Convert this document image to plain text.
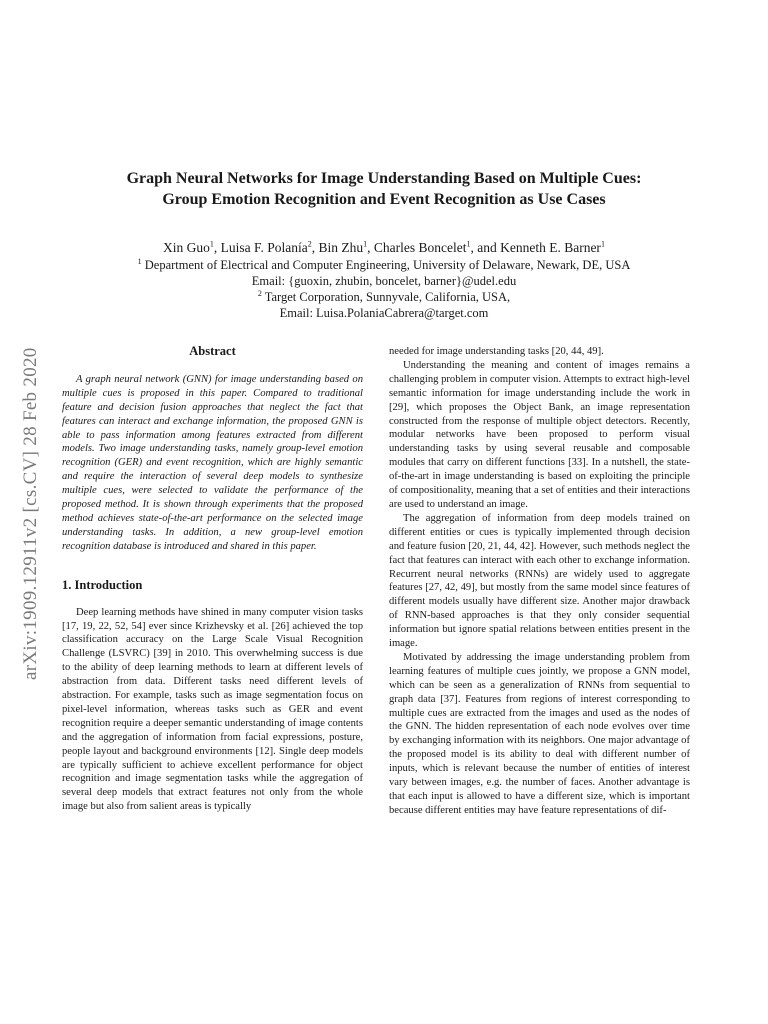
arXiv:1909.12911v2 [cs.CV] 28 Feb 2020
Graph Neural Networks for Image Understanding Based on Multiple Cues:
Group Emotion Recognition and Event Recognition as Use Cases
Xin Guo$^1$, Luisa F. Polanía$^2$, Bin Zhu$^1$, Charles Boncelet$^1$, and Kenneth E. Barner$^1$
$^1$ Department of Electrical and Computer Engineering, University of Delaware, Newark, DE, USA
Email: {guoxin, zhubin, boncelet, barner}@udel.edu
$^2$ Target Corporation, Sunnyvale, California, USA,
Email: Luisa.PolaniaCabrera@target.com
Abstract

A graph neural network (GNN) for image understanding based on multiple cues is proposed in this paper. Compared to traditional feature and decision fusion approaches that neglect the fact that features can interact and exchange information, the proposed GNN is able to pass information among features extracted from different models. Two image understanding tasks, namely group-level emotion recognition (GER) and event recognition, which are highly semantic and require the interaction of several deep models to synthesize multiple cues, were selected to validate the performance of the proposed method. It is shown through experiments that the proposed method achieves state-of-the-art performance on the selected image understanding tasks. In addition, a new group-level emotion recognition database is introduced and shared in this paper.

1. Introduction

Deep learning methods have shined in many computer vision tasks [17, 19, 22, 52, 54] ever since Krizhevsky et al. [26] achieved the top classification accuracy on the Large Scale Visual Recognition Challenge (LSVRC) [39] in 2010. This overwhelming success is due to the ability of deep learning methods to learn at different levels of abstraction from data. Different tasks need different levels of abstraction. For example, tasks such as image segmentation focus on pixel-level information, whereas tasks such as GER and event recognition require a deeper semantic understanding of image contents and the aggregation of information from facial expressions, posture, people layout and background environments [12]. Single deep models are typically sufficient to achieve excellent performance for object recognition and image segmentation tasks while the aggregation of several deep models that extract features not only from the whole image but also from salient areas is typically

needed for image understanding tasks [20, 44, 49].

Understanding the meaning and content of images remains a challenging problem in computer vision. Attempts to extract high-level semantic information for image understanding include the work in [29], which proposes the Object Bank, an image representation constructed from the response of multiple object detectors. Recently, modular networks have been proposed to perform visual understanding tasks by using several reusable and composable modules that carry on different functions [33]. In a nutshell, the state-of-the-art in image understanding is based on exploiting the principle of compositionality, meaning that a set of entities and their interactions are used to understand an image.

The aggregation of information from deep models trained on different entities or cues is typically implemented through decision and feature fusion [20, 21, 44, 42]. However, such methods neglect the fact that features can interact with each other to exchange information. Recurrent neural networks (RNNs) are widely used to aggregate features [27, 42, 49], but mostly from the same model since features of different models usually have different size. Another major drawback of RNN-based approaches is that they only consider sequential information but ignore spatial relations between entities present in the image.

Motivated by addressing the image understanding problem from learning features of multiple cues jointly, we propose a GNN model, which can be seen as a generalization of RNNs from sequential to graph data [37]. Features from regions of interest corresponding to multiple cues are extracted from the images and used as the nodes of the GNN. The hidden representation of each node evolves over time by exchanging information with its neighbors. One major advantage of the proposed model is its ability to deal with different number of inputs, which is relevant because the number of entities of interest vary between images, e.g. the number of faces. Another advantage is that each input is allowed to have a different size, which is important because different entities may have feature representations of dif-
